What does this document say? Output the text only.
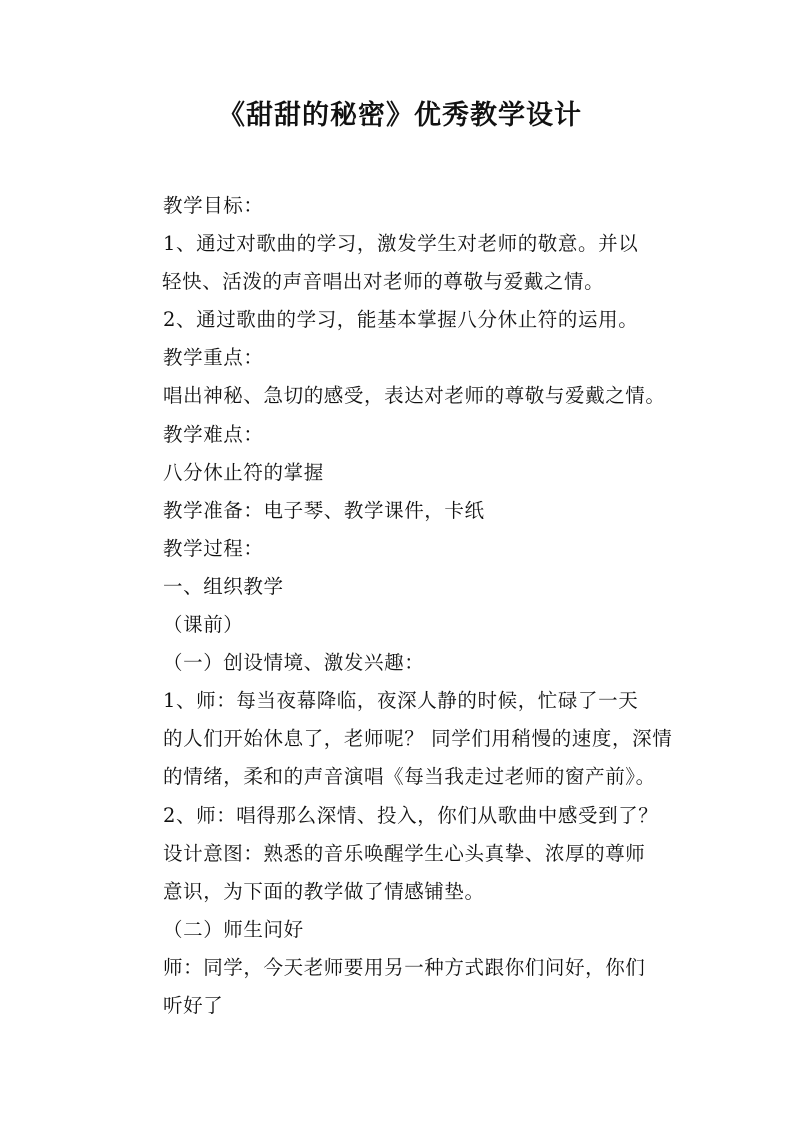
《甜甜的秘密》优秀教学设计
教学目标：
1、通过对歌曲的学习，激发学生对老师的敬意。并以
轻快、活泼的声音唱出对老师的尊敬与爱戴之情。
2、通过歌曲的学习，能基本掌握八分休止符的运用。
教学重点：
唱出神秘、急切的感受，表达对老师的尊敬与爱戴之情。
教学难点：
八分休止符的掌握
教学准备：电子琴、教学课件，卡纸
教学过程：
一、组织教学
（课前）
（一）创设情境、激发兴趣：
1、师：每当夜幕降临，夜深人静的时候，忙碌了一天
的人们开始休息了，老师呢？ 同学们用稍慢的速度，深情
的情绪，柔和的声音演唱《每当我走过老师的窗产前》。
2、师：唱得那么深情、投入，你们从歌曲中感受到了？
设计意图：熟悉的音乐唤醒学生心头真挚、浓厚的尊师
意识，为下面的教学做了情感铺垫。
（二）师生问好
师：同学，今天老师要用另一种方式跟你们问好，你们
听好了
